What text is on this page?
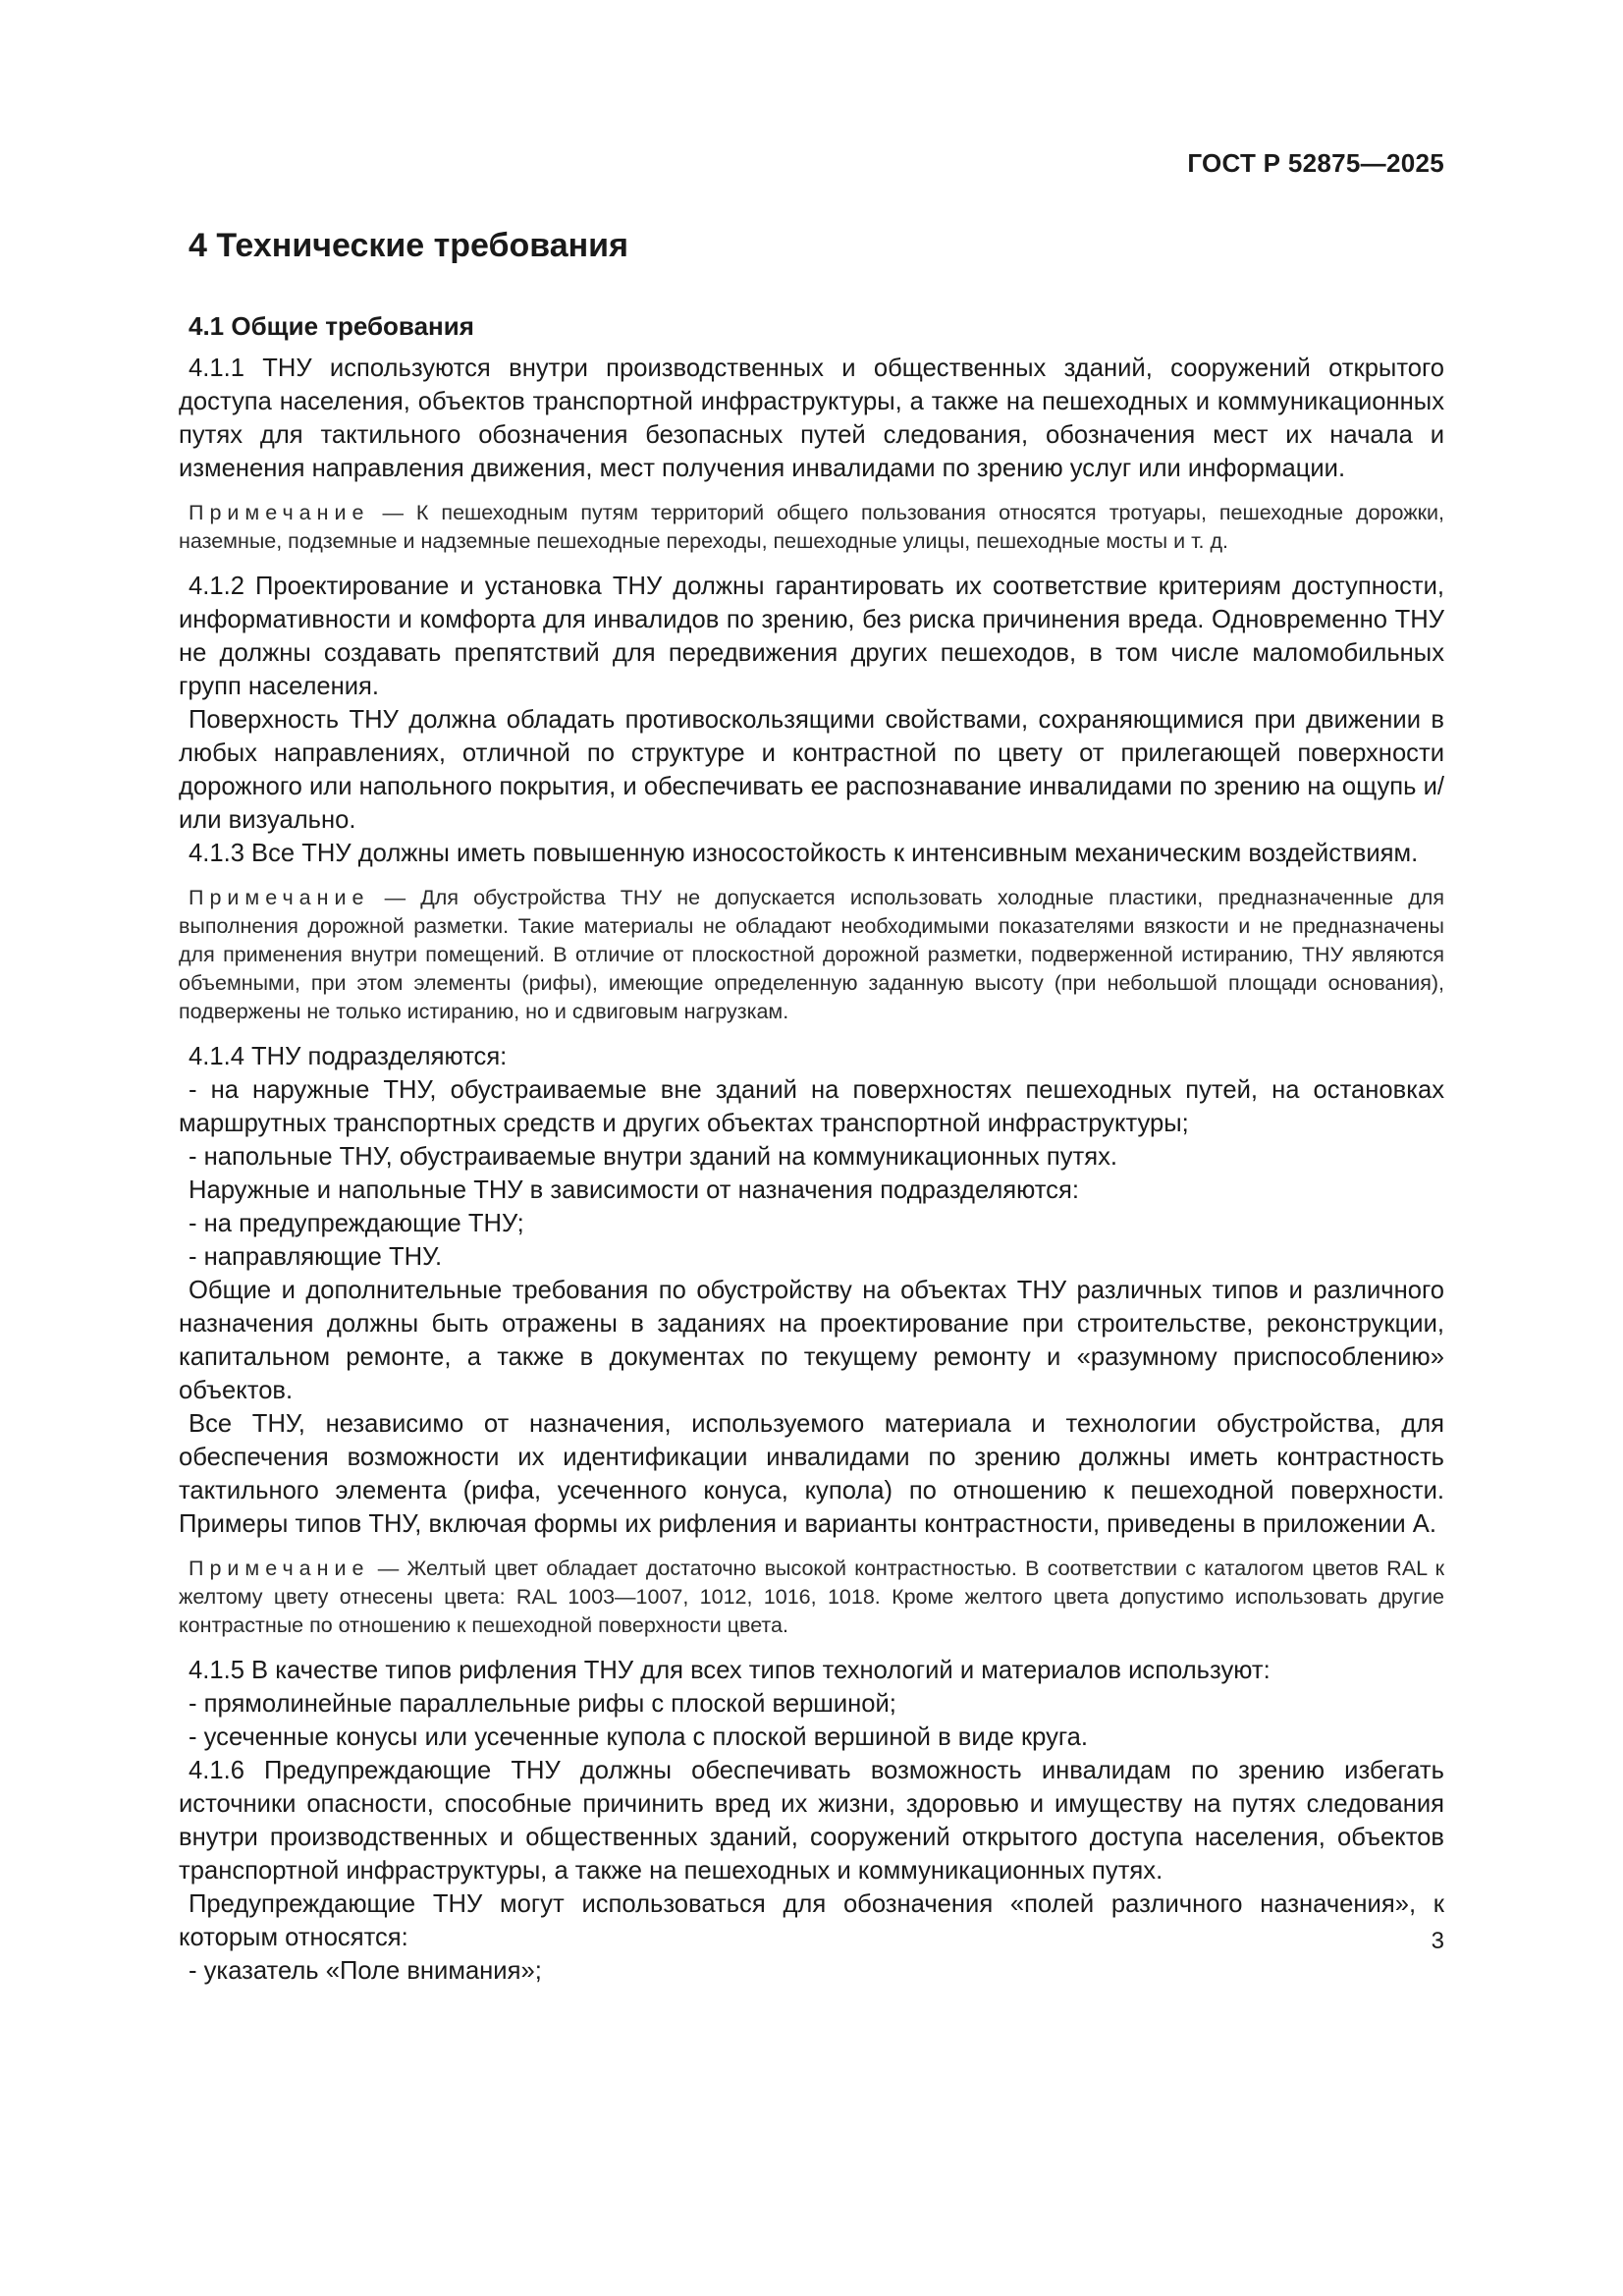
ГОСТ Р 52875—2025
4 Технические требования
4.1 Общие требования

4.1.1 ТНУ используются внутри производственных и общественных зданий, сооружений открытого доступа населения, объектов транспортной инфраструктуры, а также на пешеходных и коммуникационных путях для тактильного обозначения безопасных путей следования, обозначения мест их начала и изменения направления движения, мест получения инвалидами по зрению услуг или информации.

Примечание — К пешеходным путям территорий общего пользования относятся тротуары, пешеходные дорожки, наземные, подземные и надземные пешеходные переходы, пешеходные улицы, пешеходные мосты и т. д.

4.1.2 Проектирование и установка ТНУ должны гарантировать их соответствие критериям доступности, информативности и комфорта для инвалидов по зрению, без риска причинения вреда. Одновременно ТНУ не должны создавать препятствий для передвижения других пешеходов, в том числе маломобильных групп населения.

Поверхность ТНУ должна обладать противоскользящими свойствами, сохраняющимися при движении в любых направлениях, отличной по структуре и контрастной по цвету от прилегающей поверхности дорожного или напольного покрытия, и обеспечивать ее распознавание инвалидами по зрению на ощупь и/или визуально.

4.1.3 Все ТНУ должны иметь повышенную износостойкость к интенсивным механическим воздействиям.

Примечание — Для обустройства ТНУ не допускается использовать холодные пластики, предназначенные для выполнения дорожной разметки. Такие материалы не обладают необходимыми показателями вязкости и не предназначены для применения внутри помещений. В отличие от плоскостной дорожной разметки, подверженной истиранию, ТНУ являются объемными, при этом элементы (рифы), имеющие определенную заданную высоту (при небольшой площади основания), подвержены не только истиранию, но и сдвиговым нагрузкам.

4.1.4 ТНУ подразделяются:

- на наружные ТНУ, обустраиваемые вне зданий на поверхностях пешеходных путей, на остановках маршрутных транспортных средств и других объектах транспортной инфраструктуры;

- напольные ТНУ, обустраиваемые внутри зданий на коммуникационных путях.

Наружные и напольные ТНУ в зависимости от назначения подразделяются:

- на предупреждающие ТНУ;

- направляющие ТНУ.

Общие и дополнительные требования по обустройству на объектах ТНУ различных типов и различного назначения должны быть отражены в заданиях на проектирование при строительстве, реконструкции, капитальном ремонте, а также в документах по текущему ремонту и «разумному приспособлению» объектов.

Все ТНУ, независимо от назначения, используемого материала и технологии обустройства, для обеспечения возможности их идентификации инвалидами по зрению должны иметь контрастность тактильного элемента (рифа, усеченного конуса, купола) по отношению к пешеходной поверхности. Примеры типов ТНУ, включая формы их рифления и варианты контрастности, приведены в приложении А.

Примечание — Желтый цвет обладает достаточно высокой контрастностью. В соответствии с каталогом цветов RAL к желтому цвету отнесены цвета: RAL 1003—1007, 1012, 1016, 1018. Кроме желтого цвета допустимо использовать другие контрастные по отношению к пешеходной поверхности цвета.

4.1.5 В качестве типов рифления ТНУ для всех типов технологий и материалов используют:

- прямолинейные параллельные рифы с плоской вершиной;

- усеченные конусы или усеченные купола с плоской вершиной в виде круга.

4.1.6 Предупреждающие ТНУ должны обеспечивать возможность инвалидам по зрению избегать источники опасности, способные причинить вред их жизни, здоровью и имуществу на путях следования внутри производственных и общественных зданий, сооружений открытого доступа населения, объектов транспортной инфраструктуры, а также на пешеходных и коммуникационных путях.

Предупреждающие ТНУ могут использоваться для обозначения «полей различного назначения», к которым относятся:

- указатель «Поле внимания»;

3
